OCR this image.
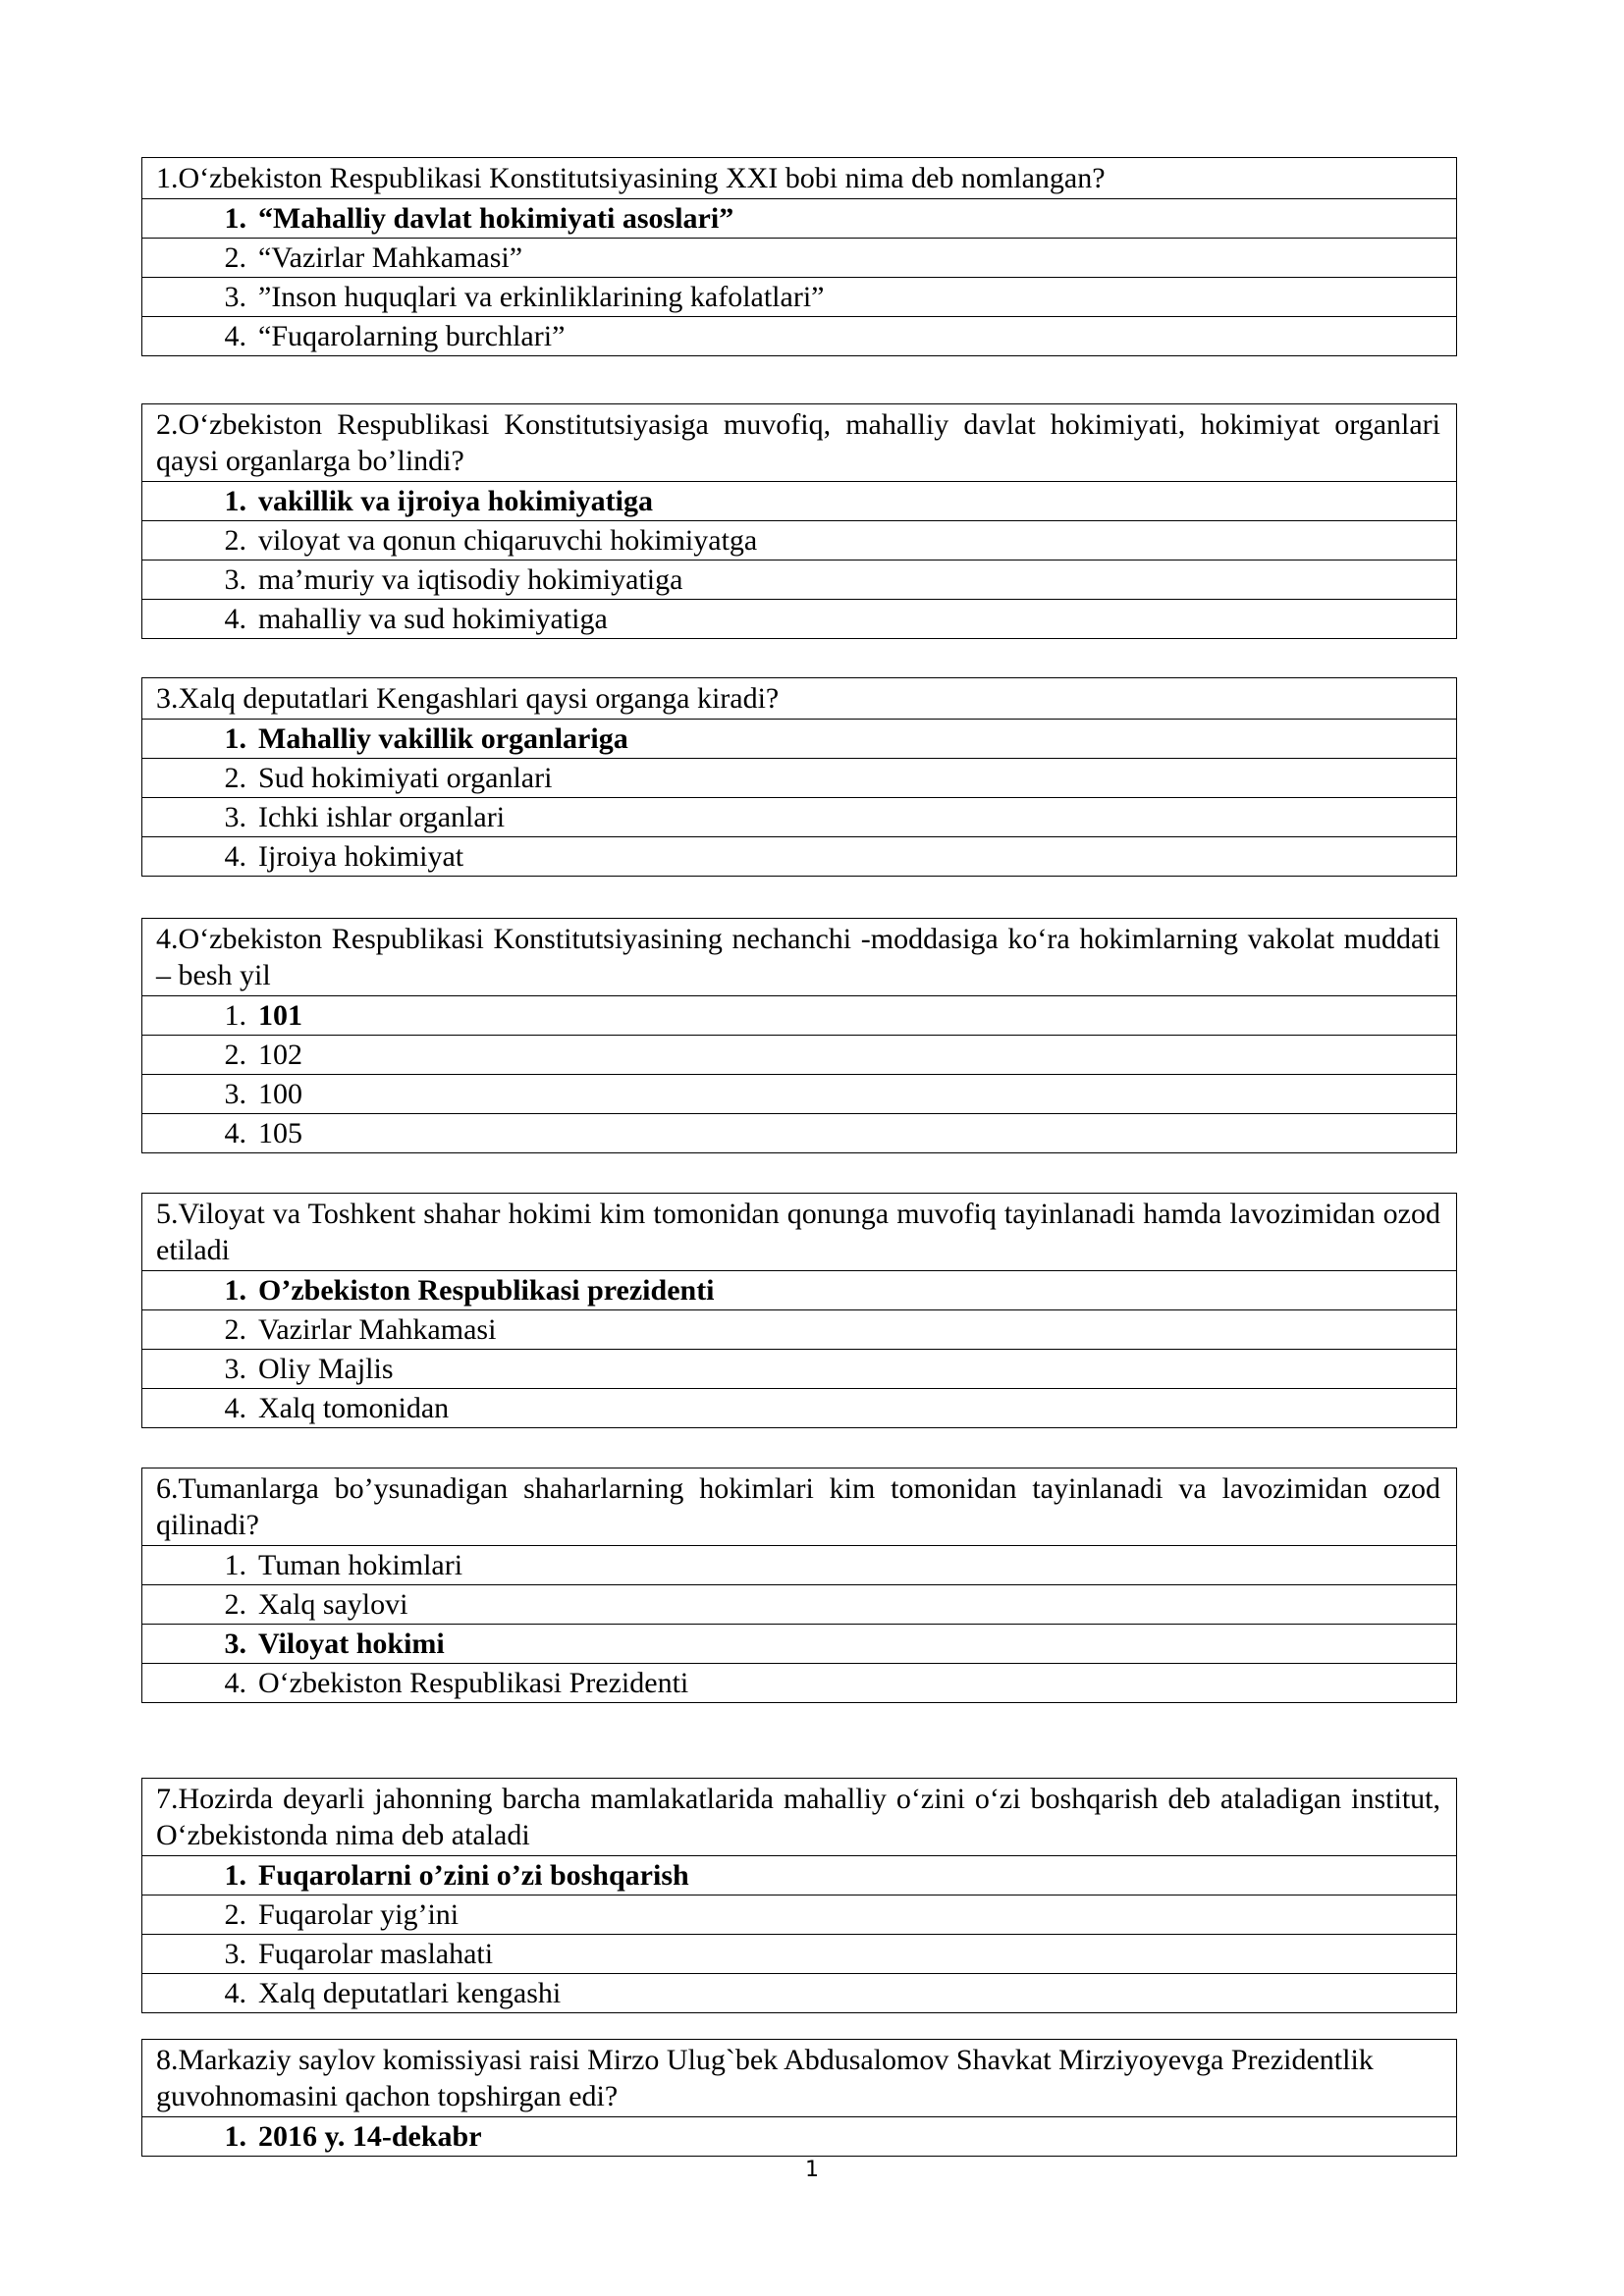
1.O‘zbekiston Respublikasi Konstitutsiyasining XXI bobi nima deb nomlangan?
1. “Mahalliy davlat hokimiyati asoslari”
2. “Vazirlar Mahkamasi”
3. ”Inson huquqlari va erkinliklarining kafolatlari”
4. “Fuqarolarning burchlari”
2.O‘zbekiston Respublikasi Konstitutsiyasiga muvofiq, mahalliy davlat hokimiyati, hokimiyat organlari qaysi organlarga bo’lindi?
1. vakillik va ijroiya hokimiyatiga
2. viloyat va qonun chiqaruvchi hokimiyatga
3. ma’muriy va iqtisodiy hokimiyatiga
4. mahalliy va sud hokimiyatiga
3.Xalq deputatlari Kengashlari qaysi organga kiradi?
1. Mahalliy vakillik organlariga
2. Sud hokimiyati organlari
3. Ichki ishlar organlari
4. Ijroiya hokimiyat
4.O‘zbekiston Respublikasi Konstitutsiyasining nechanchi -moddasiga ko‘ra hokimlarning vakolat muddati – besh yil
1. 101
2. 102
3. 100
4. 105
5.Viloyat va Toshkent shahar hokimi kim tomonidan qonunga muvofiq tayinlanadi hamda lavozimidan ozod etiladi
1. O’zbekiston Respublikasi prezidenti
2. Vazirlar Mahkamasi
3. Oliy Majlis
4. Xalq tomonidan
6.Tumanlarga bo’ysunadigan shaharlarning hokimlari kim tomonidan tayinlanadi va lavozimidan ozod qilinadi?
1. Tuman hokimlari
2. Xalq saylovi
3. Viloyat hokimi
4. O‘zbekiston Respublikasi Prezidenti
7.Hozirda deyarli jahonning barcha mamlakatlarida mahalliy o‘zini o‘zi boshqarish deb ataladigan institut, O‘zbekistonda nima deb ataladi
1. Fuqarolarni o’zini o’zi boshqarish
2. Fuqarolar yig’ini
3. Fuqarolar maslahati
4. Xalq deputatlari kengashi
8.Markaziy saylov komissiyasi raisi Mirzo Ulug`bek Abdusalomov Shavkat Mirziyoyevga Prezidentlik guvohnomasini qachon topshirgan edi?
1. 2016 y. 14-dekabr
1
